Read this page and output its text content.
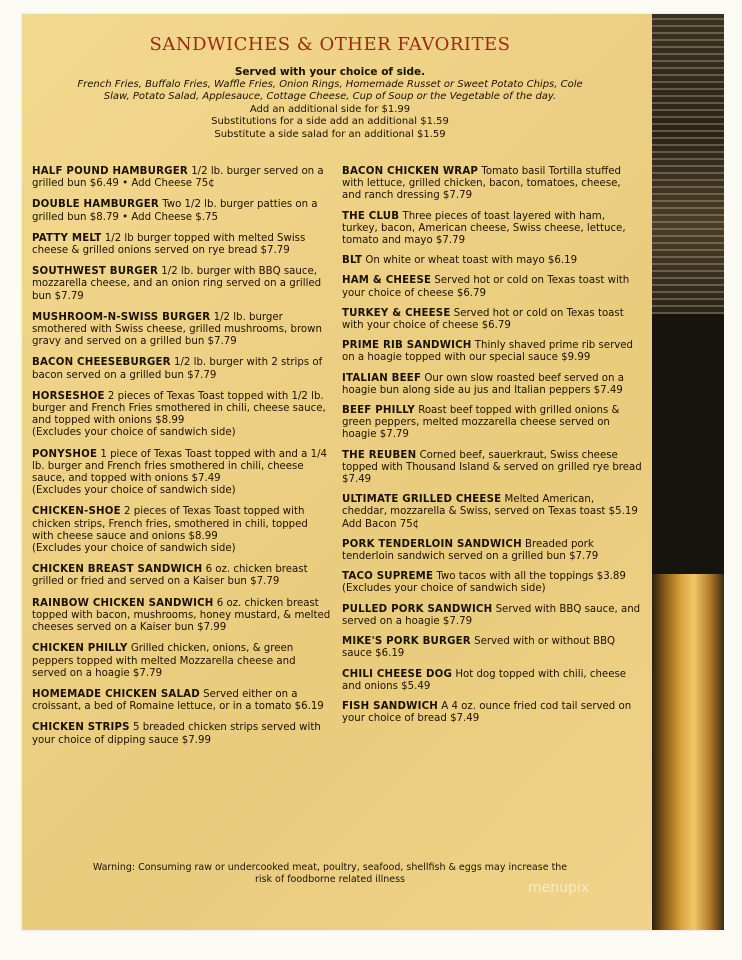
SANDWICHES & OTHER FAVORITES
Served with your choice of side.
French Fries, Buffalo Fries, Waffle Fries, Onion Rings, Homemade Russet or Sweet Potato Chips, Cole Slaw, Potato Salad, Applesauce, Cottage Cheese, Cup of Soup or the Vegetable of the day.
Add an additional side for $1.99
Substitutions for a side add an additional $1.59
Substitute a side salad for an additional $1.59

HALF POUND HAMBURGER 1/2 lb. burger served on a grilled bun $6.49 • Add Cheese 75¢

DOUBLE HAMBURGER Two 1/2 lb. burger patties on a grilled bun $8.79 • Add Cheese $.75

PATTY MELT 1/2 lb burger topped with melted Swiss cheese & grilled onions served on rye bread $7.79

SOUTHWEST BURGER 1/2 lb. burger with BBQ sauce, mozzarella cheese, and an onion ring served on a grilled bun $7.79

MUSHROOM-N-SWISS BURGER 1/2 lb. burger smothered with Swiss cheese, grilled mushrooms, brown gravy and served on a grilled bun $7.79

BACON CHEESEBURGER 1/2 lb. burger with 2 strips of bacon served on a grilled bun $7.79

HORSESHOE 2 pieces of Texas Toast topped with 1/2 lb. burger and French Fries smothered in chili, cheese sauce, and topped with onions $8.99
(Excludes your choice of sandwich side)

PONYSHOE 1 piece of Texas Toast topped with and a 1/4 lb. burger and French fries smothered in chili, cheese sauce, and topped with onions $7.49
(Excludes your choice of sandwich side)

CHICKEN-SHOE 2 pieces of Texas Toast topped with chicken strips, French fries, smothered in chili, topped with cheese sauce and onions $8.99
(Excludes your choice of sandwich side)

CHICKEN BREAST SANDWICH 6 oz. chicken breast grilled or fried and served on a Kaiser bun $7.79

RAINBOW CHICKEN SANDWICH 6 oz. chicken breast topped with bacon, mushrooms, honey mustard, & melted cheeses served on a Kaiser bun $7.99

CHICKEN PHILLY Grilled chicken, onions, & green peppers topped with melted Mozzarella cheese and served on a hoagie $7.79

HOMEMADE CHICKEN SALAD Served either on a croissant, a bed of Romaine lettuce, or in a tomato $6.19

CHICKEN STRIPS 5 breaded chicken strips served with your choice of dipping sauce $7.99

BACON CHICKEN WRAP Tomato basil Tortilla stuffed with lettuce, grilled chicken, bacon, tomatoes, cheese, and ranch dressing $7.79

THE CLUB Three pieces of toast layered with ham, turkey, bacon, American cheese, Swiss cheese, lettuce, tomato and mayo $7.79

BLT On white or wheat toast with mayo $6.19

HAM & CHEESE Served hot or cold on Texas toast with your choice of cheese $6.79

TURKEY & CHEESE Served hot or cold on Texas toast with your choice of cheese $6.79

PRIME RIB SANDWICH Thinly shaved prime rib served on a hoagie topped with our special sauce $9.99

ITALIAN BEEF Our own slow roasted beef served on a hoagie bun along side au jus and Italian peppers $7.49

BEEF PHILLY Roast beef topped with grilled onions & green peppers, melted mozzarella cheese served on hoagie $7.79

THE REUBEN Corned beef, sauerkraut, Swiss cheese topped with Thousand Island & served on grilled rye bread $7.49

ULTIMATE GRILLED CHEESE Melted American, cheddar, mozzarella & Swiss, served on Texas toast $5.19 Add Bacon 75¢

PORK TENDERLOIN SANDWICH Breaded pork tenderloin sandwich served on a grilled bun $7.79

TACO SUPREME Two tacos with all the toppings $3.89
(Excludes your choice of sandwich side)

PULLED PORK SANDWICH Served with BBQ sauce, and served on a hoagie $7.79

MIKE'S PORK BURGER Served with or without BBQ sauce $6.19

CHILI CHEESE DOG Hot dog topped with chili, cheese and onions $5.49

FISH SANDWICH A 4 oz. ounce fried cod tail served on your choice of bread $7.49

Warning: Consuming raw or undercooked meat, poultry, seafood, shellfish & eggs may increase the risk of foodborne related illness
menupix
